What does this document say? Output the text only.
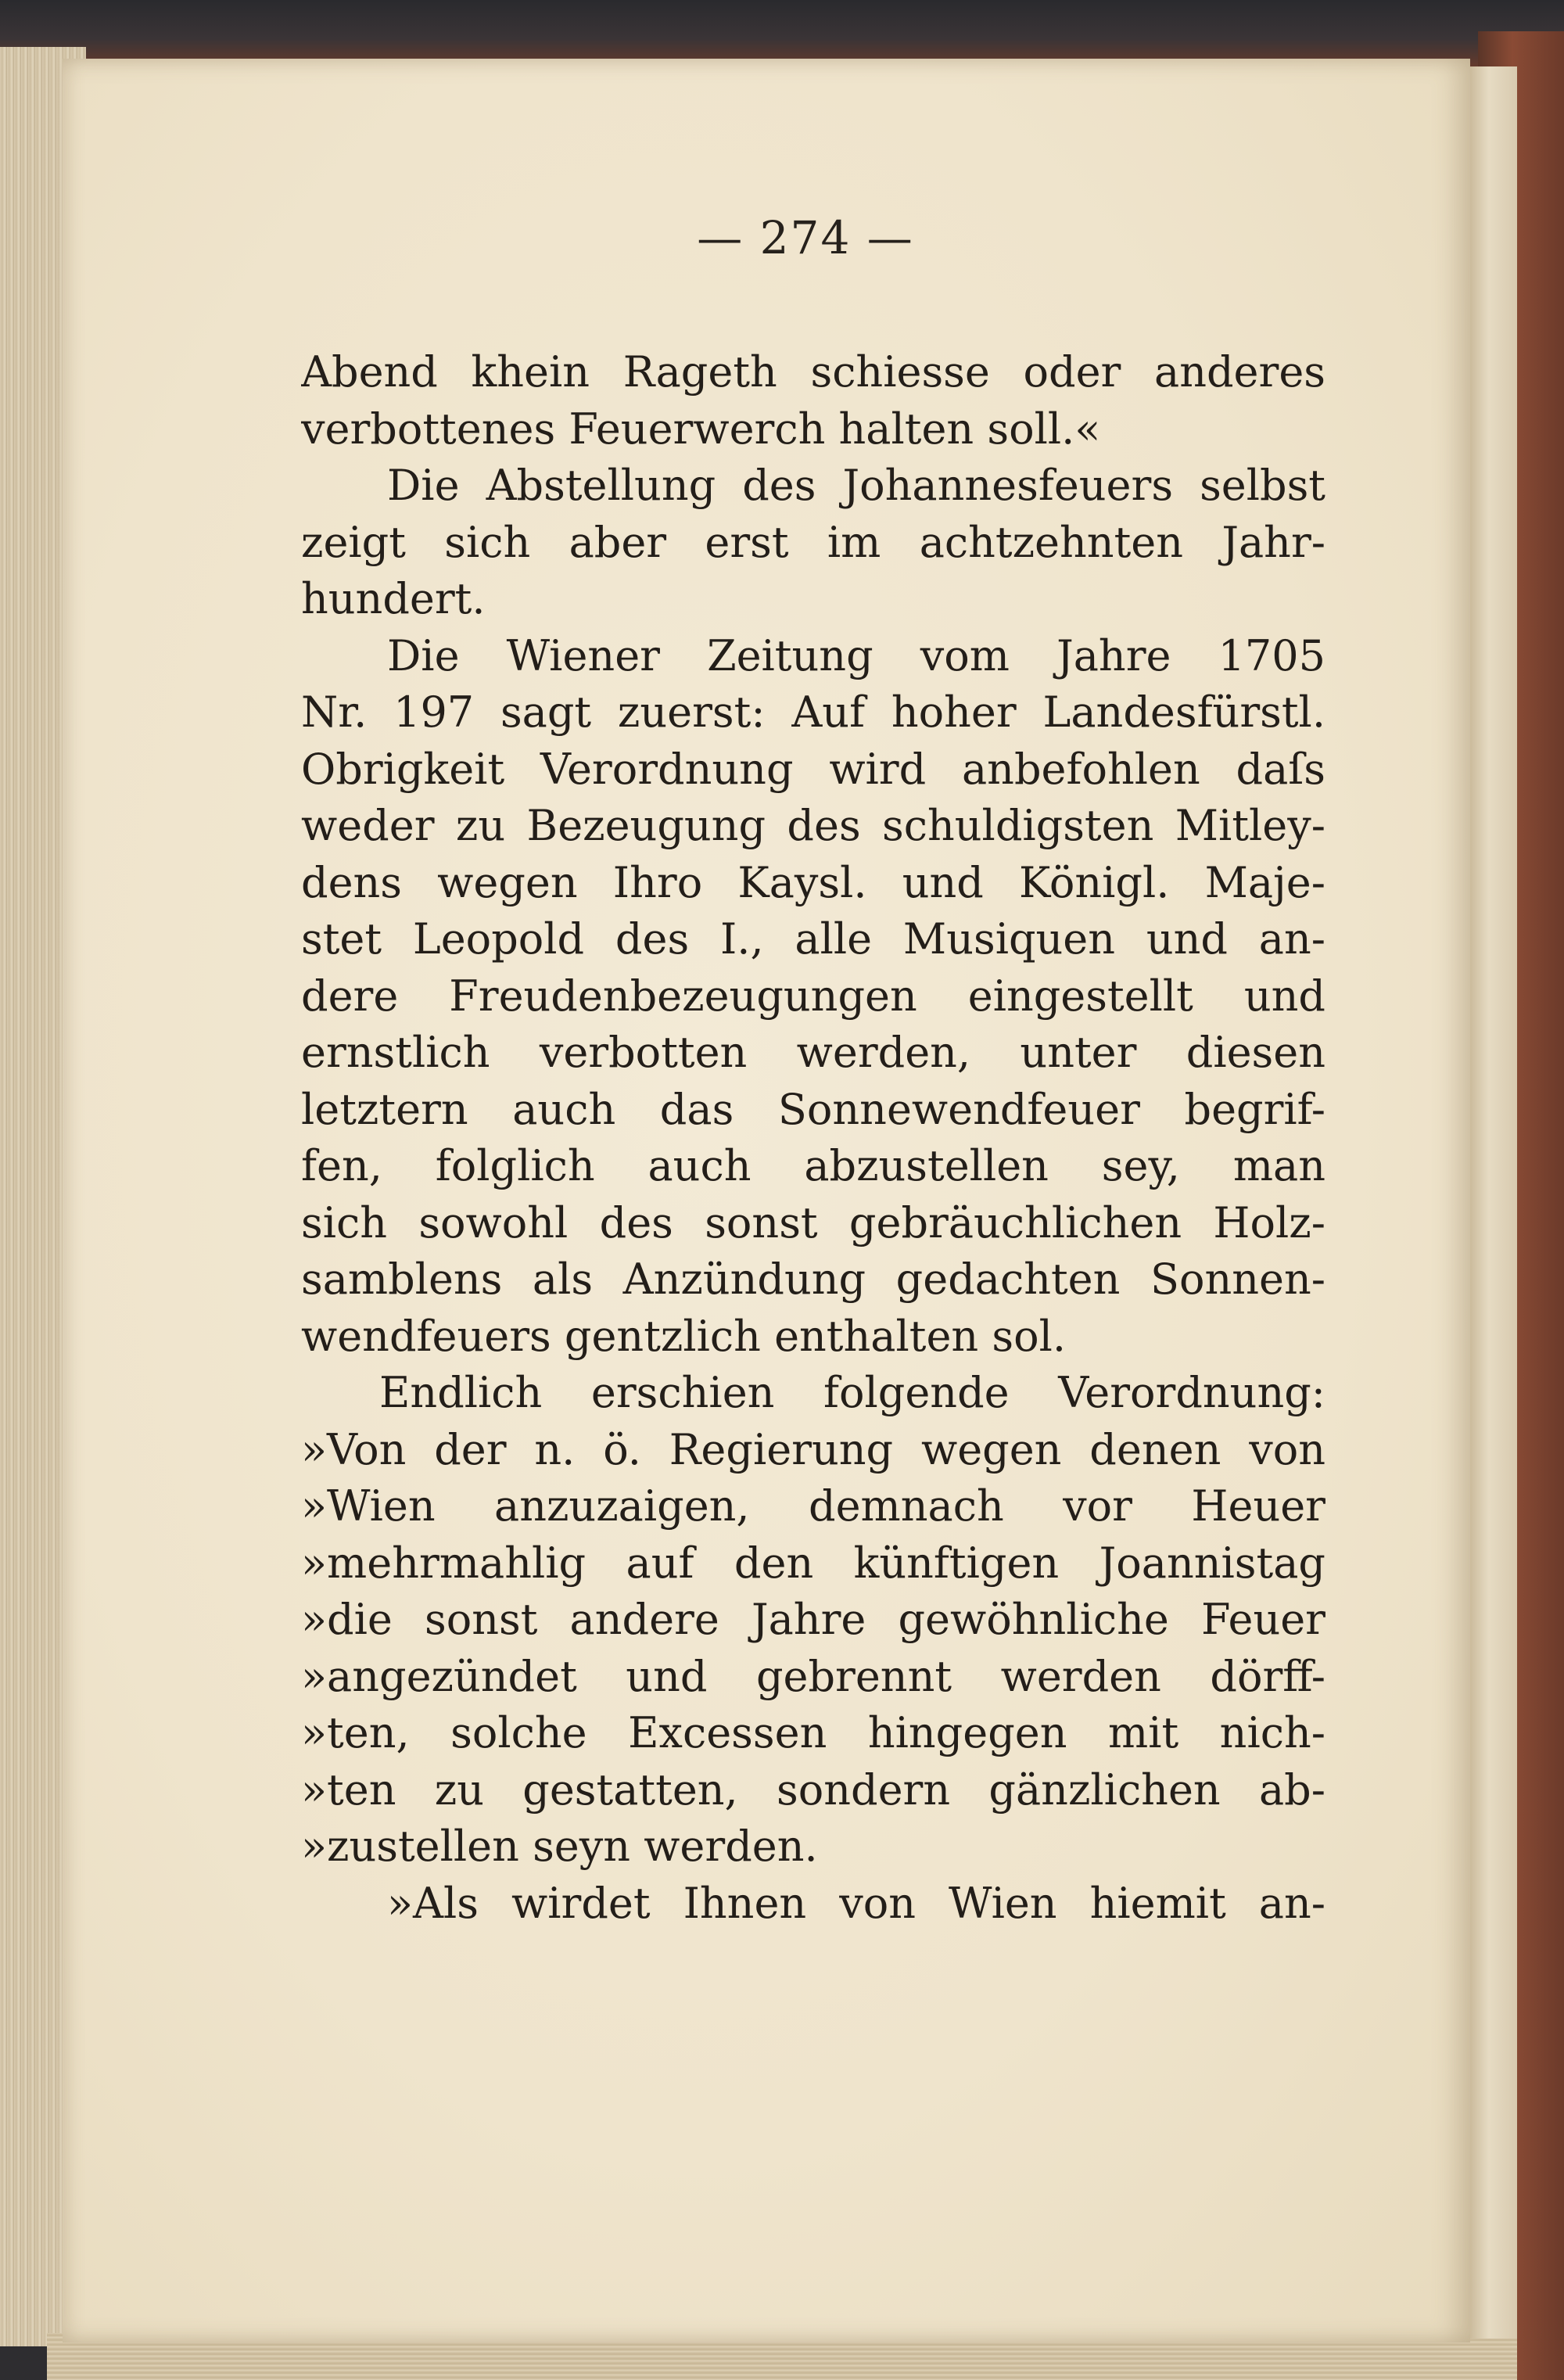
— 274 —
Abend khein Rageth schiesse oder anderes
verbottenes Feuerwerch halten soll.«
Die Abstellung des Johannesfeuers selbst
zeigt sich aber erst im achtzehnten Jahr-
hundert.
Die Wiener Zeitung vom Jahre 1705
Nr. 197 sagt zuerst: Auf hoher Landesfürstl.
Obrigkeit Verordnung wird anbefohlen daſs
weder zu Bezeugung des schuldigsten Mitley-
dens wegen Ihro Kaysl. und Königl. Maje-
stet Leopold des I., alle Musiquen und an-
dere Freudenbezeugungen eingestellt und
ernstlich verbotten werden, unter diesen
letztern auch das Sonnewendfeuer begrif-
fen, folglich auch abzustellen sey, man
sich sowohl des sonst gebräuchlichen Holz-
samblens als Anzündung gedachten Sonnen-
wendfeuers gentzlich enthalten sol.
Endlich erschien folgende Verordnung:
»Von der n. ö. Regierung wegen denen von
»Wien anzuzaigen, demnach vor Heuer
»mehrmahlig auf den künftigen Joannistag
»die sonst andere Jahre gewöhnliche Feuer
»angezündet und gebrennt werden dörff-
»ten, solche Excessen hingegen mit nich-
»ten zu gestatten, sondern gänzlichen ab-
»zustellen seyn werden.
»Als wirdet Ihnen von Wien hiemit an-
